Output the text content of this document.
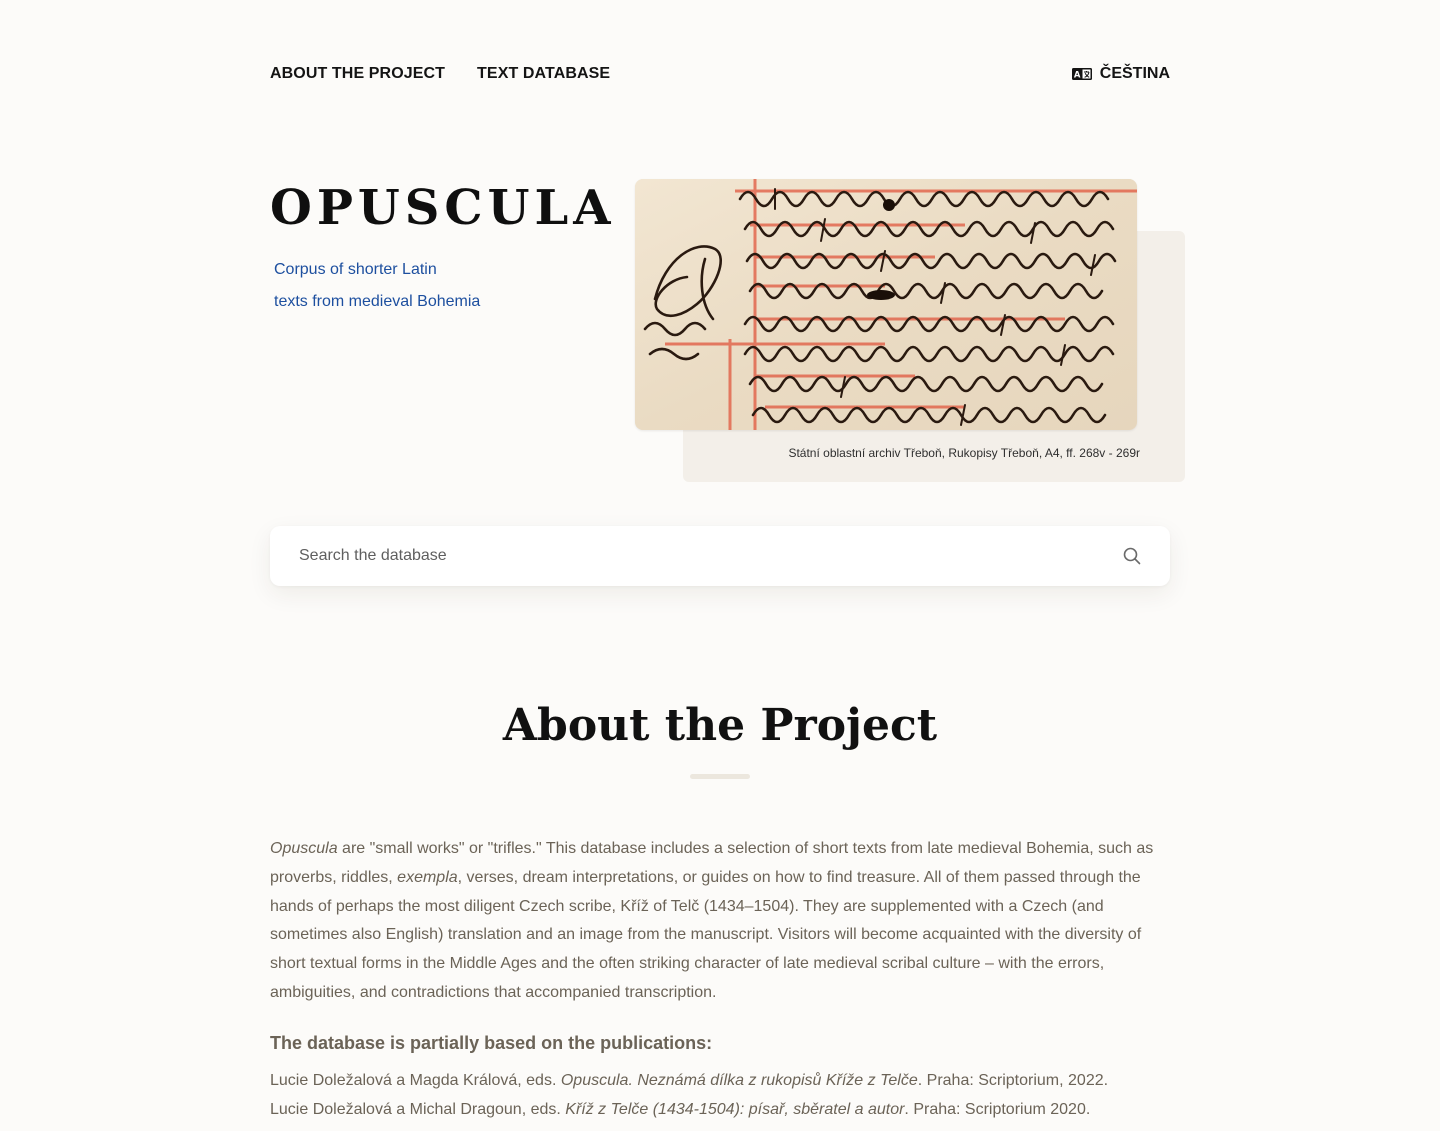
ABOUT THE PROJECT TEXT DATABASE	A ČEŠTINA
OPUSCULA
Corpus of shorter Latin
texts from medieval Bohemia
Státní oblastní archiv Třeboň, Rukopisy Třeboň, A4, ff. 268v - 269r
Search the database
About the Project

Opuscula are "small works" or "trifles." This database includes a selection of short texts from late medieval Bohemia, such as proverbs, riddles, exempla, verses, dream interpretations, or guides on how to find treasure. All of them passed through the hands of perhaps the most diligent Czech scribe, Kříž of Telč (1434–1504). They are supplemented with a Czech (and sometimes also English) translation and an image from the manuscript. Visitors will become acquainted with the diversity of short textual forms in the Middle Ages and the often striking character of late medieval scribal culture – with the errors, ambiguities, and contradictions that accompanied transcription.

The database is partially based on the publications:
Lucie Doležalová a Magda Králová, eds. Opuscula. Neznámá dílka z rukopisů Kříže z Telče. Praha: Scriptorium, 2022.
Lucie Doležalová a Michal Dragoun, eds. Kříž z Telče (1434-1504): písař, sběratel a autor. Praha: Scriptorium 2020.
